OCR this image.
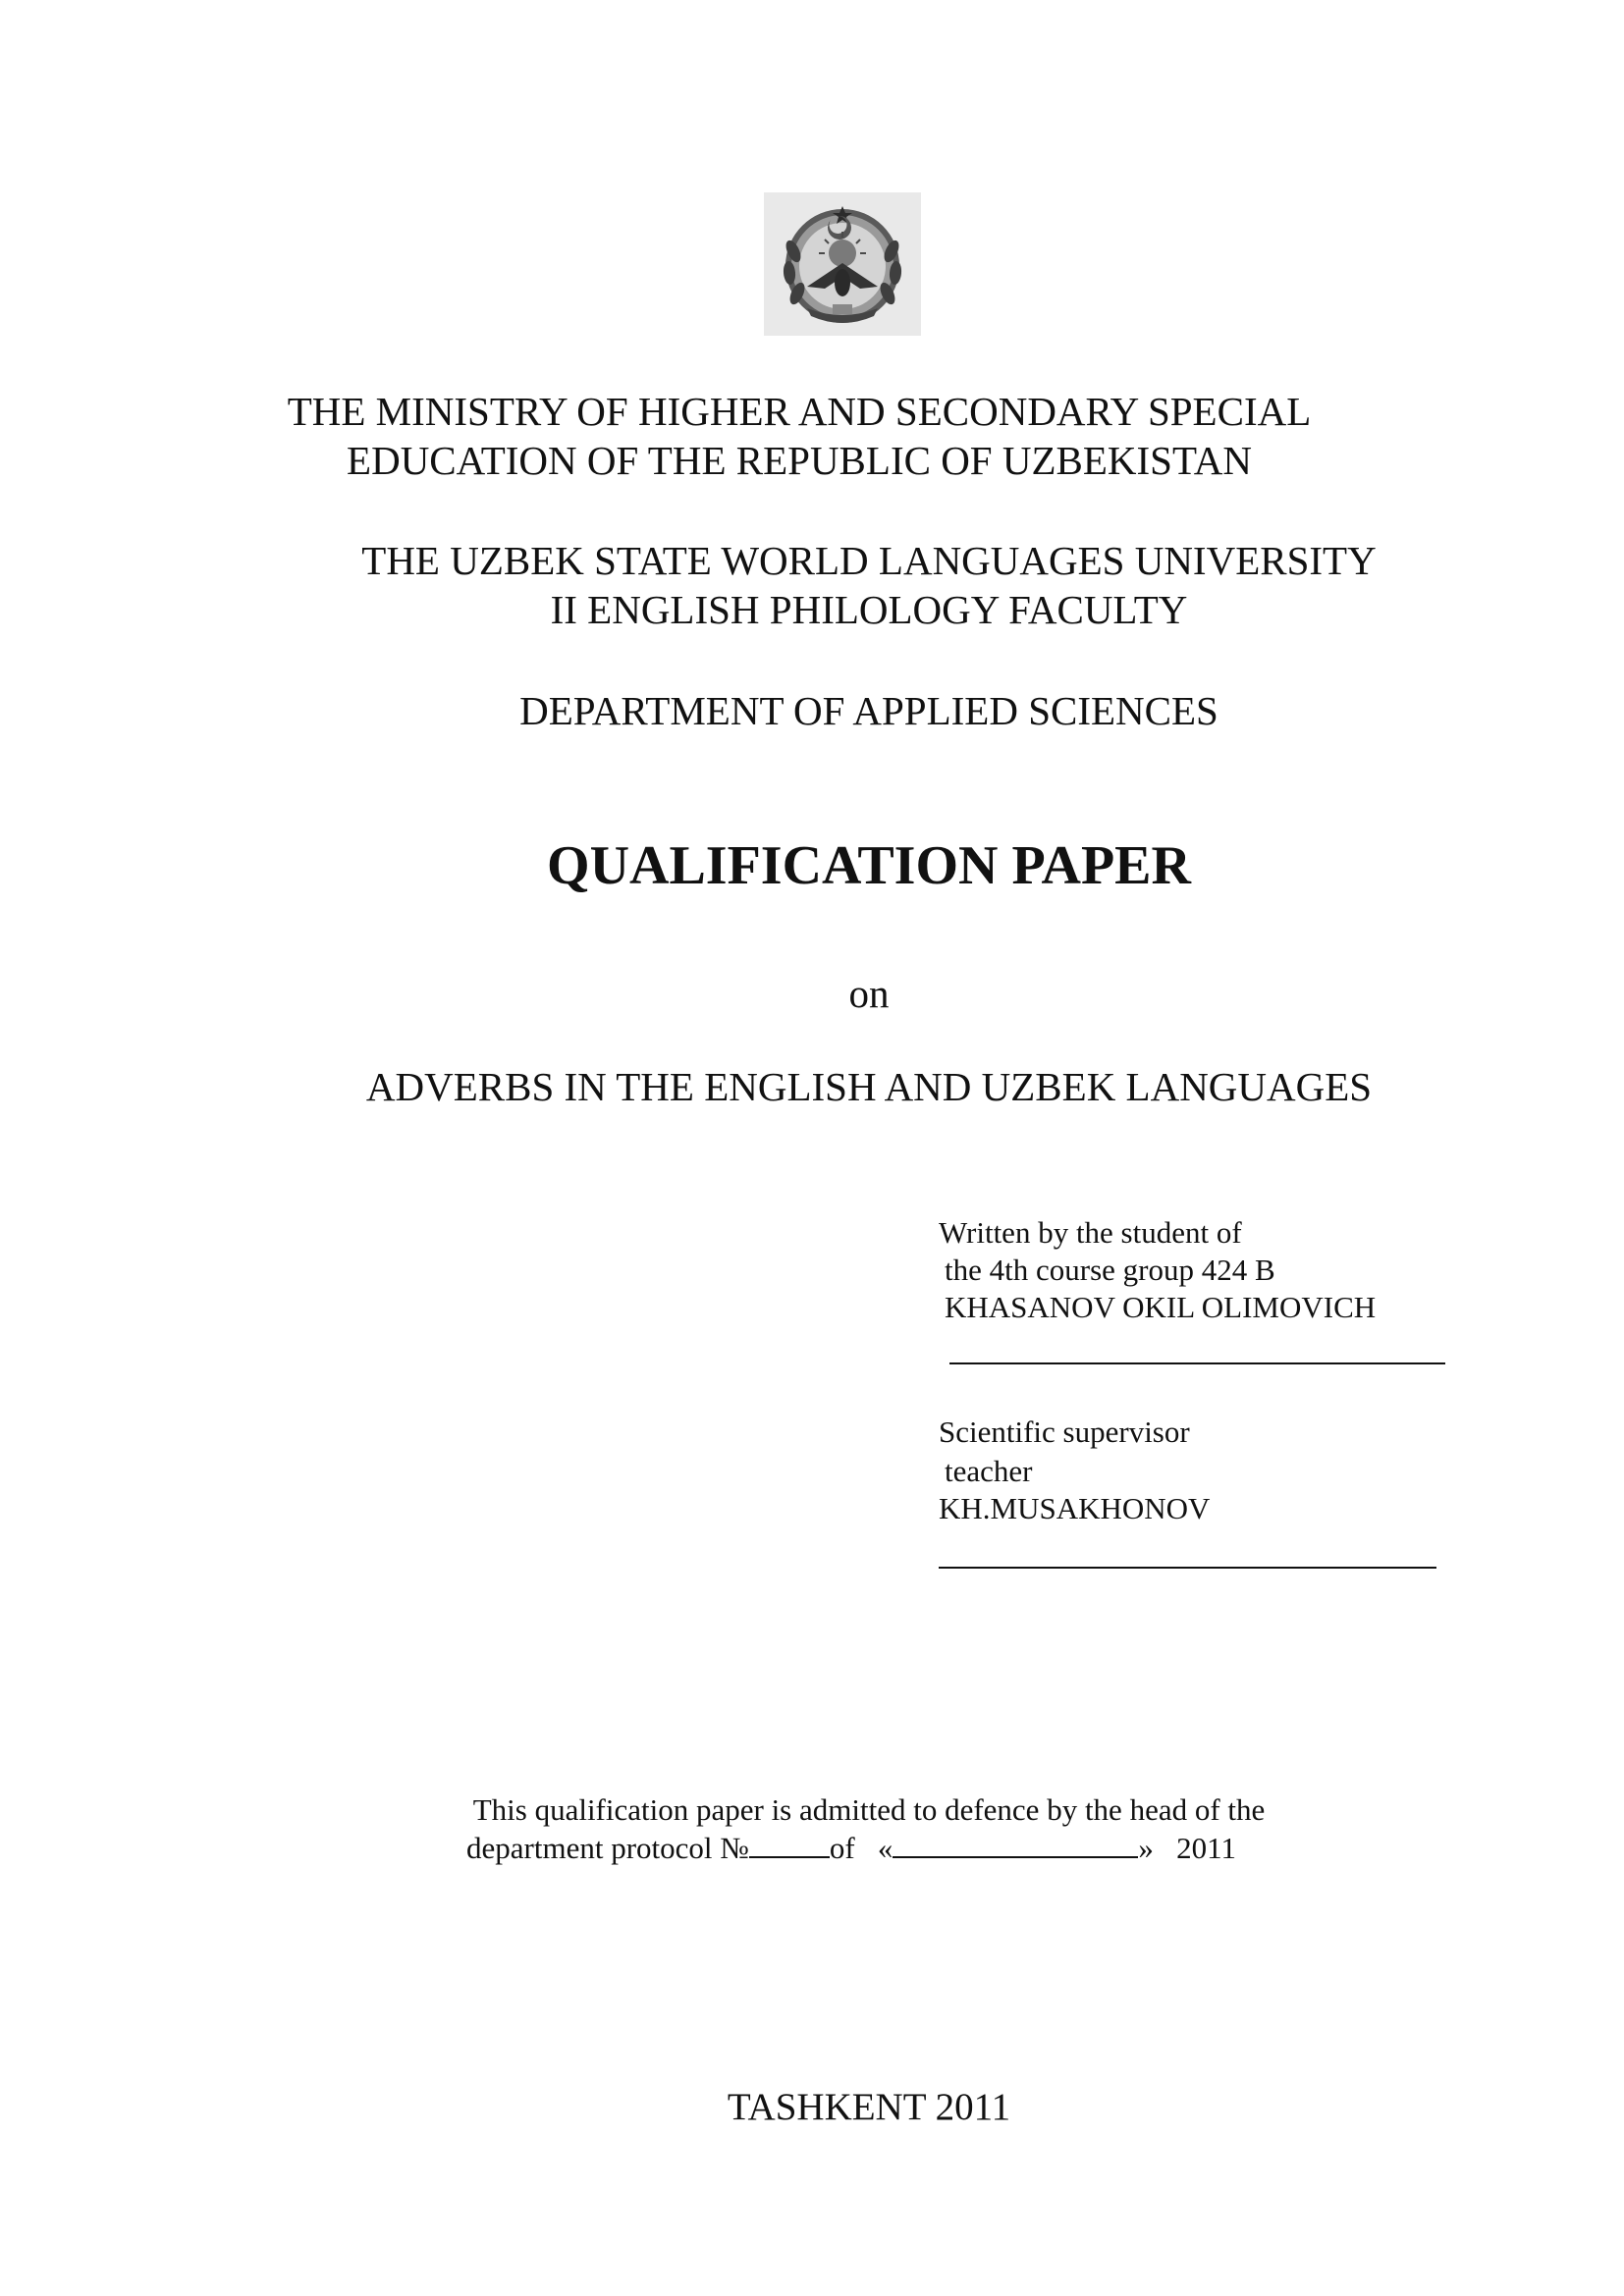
THE MINISTRY OF HIGHER AND SECONDARY SPECIAL
EDUCATION OF THE REPUBLIC OF UZBEKISTAN
THE UZBEK STATE WORLD LANGUAGES UNIVERSITY
II ENGLISH PHILOLOGY FACULTY
DEPARTMENT OF APPLIED SCIENCES
QUALIFICATION PAPER
on
ADVERBS IN THE ENGLISH AND UZBEK LANGUAGES
Written by the student of
the 4th course group 424 B
KHASANOV OKIL OLIMOVICH
Scientific supervisor
teacher
KH.MUSAKHONOV
This qualification paper is admitted to defence by the head of the
department protocol №	of «	» 2011
TASHKENT 2011
